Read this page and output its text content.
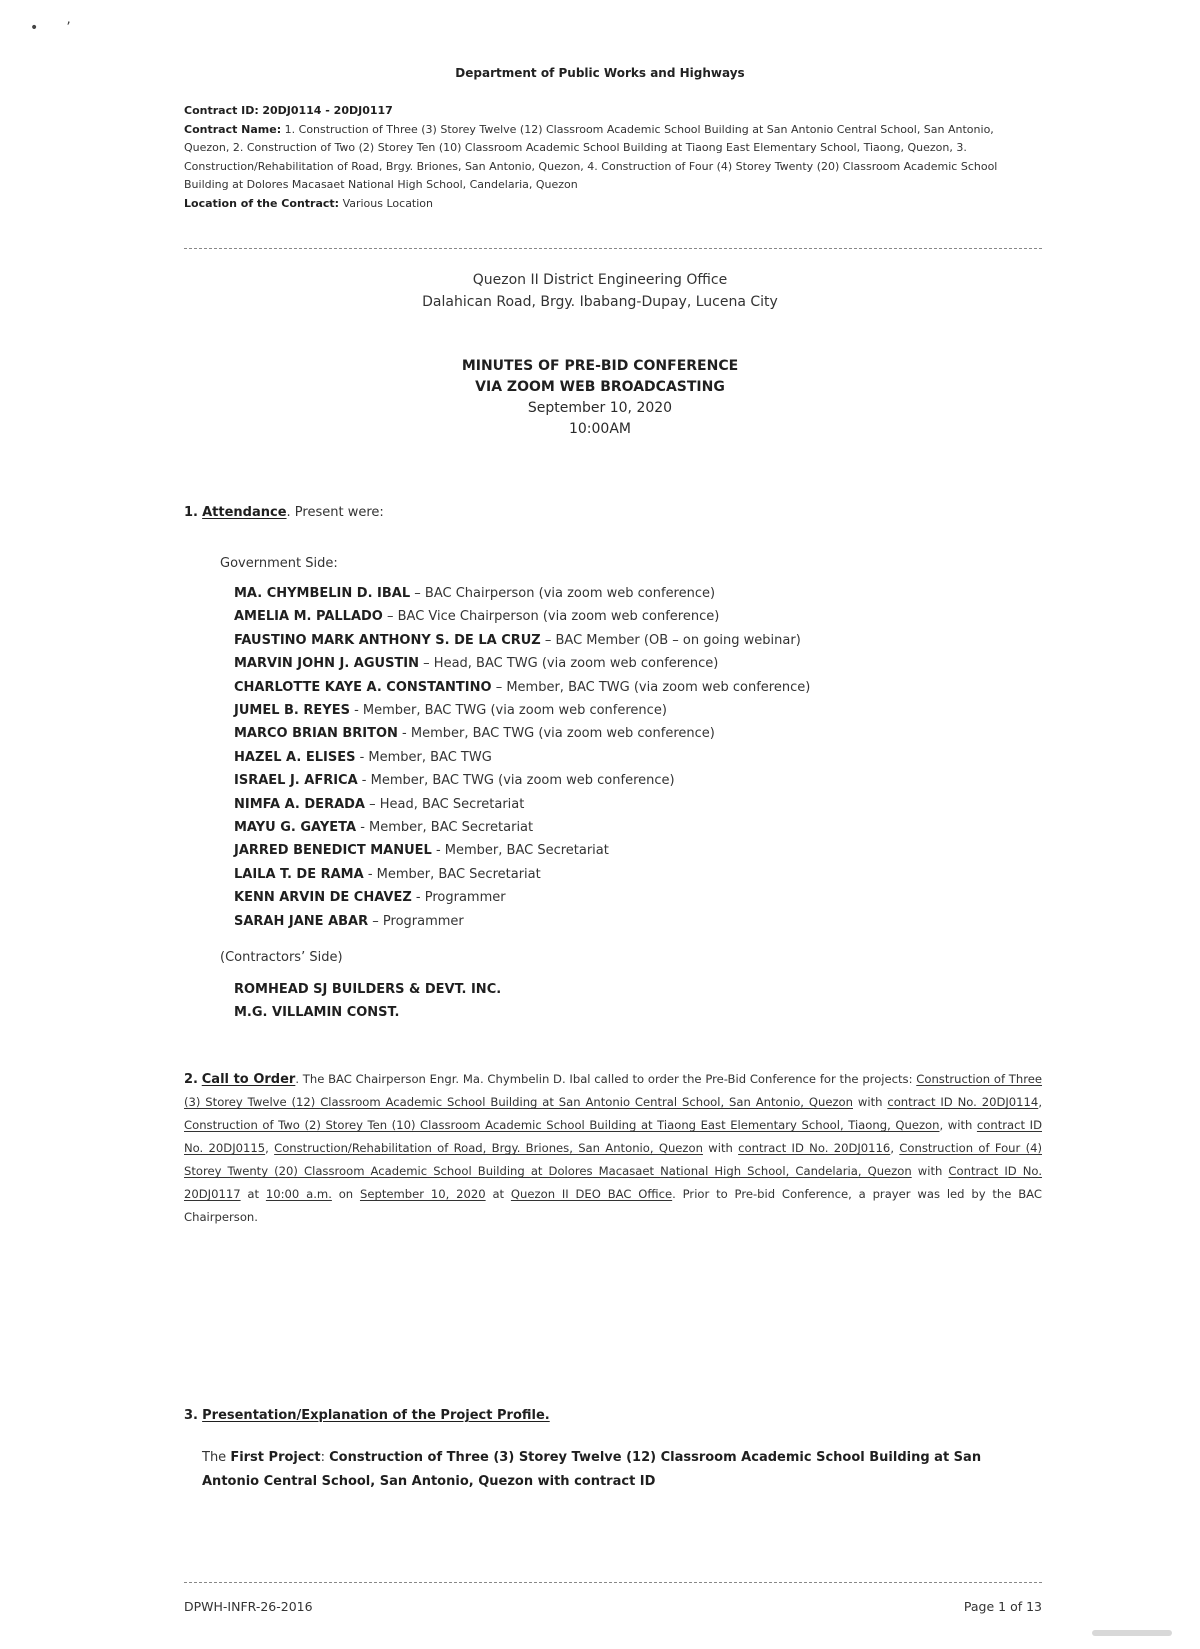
• ’
Department of Public Works and Highways
Contract ID: 20DJ0114 - 20DJ0117
Contract Name: 1. Construction of Three (3) Storey Twelve (12) Classroom Academic School Building at San Antonio Central School, San Antonio, Quezon, 2. Construction of Two (2) Storey Ten (10) Classroom Academic School Building at Tiaong East Elementary School, Tiaong, Quezon, 3. Construction/Rehabilitation of Road, Brgy. Briones, San Antonio, Quezon, 4. Construction of Four (4) Storey Twenty (20) Classroom Academic School Building at Dolores Macasaet National High School, Candelaria, Quezon
Location of the Contract: Various Location
Quezon II District Engineering Office
Dalahican Road, Brgy. Ibabang-Dupay, Lucena City
MINUTES OF PRE-BID CONFERENCE
VIA ZOOM WEB BROADCASTING
September 10, 2020
10:00AM
1. Attendance. Present were:
Government Side:
MA. CHYMBELIN D. IBAL – BAC Chairperson (via zoom web conference)
AMELIA M. PALLADO – BAC Vice Chairperson (via zoom web conference)
FAUSTINO MARK ANTHONY S. DE LA CRUZ – BAC Member (OB – on going webinar)
MARVIN JOHN J. AGUSTIN – Head, BAC TWG (via zoom web conference)
CHARLOTTE KAYE A. CONSTANTINO – Member, BAC TWG (via zoom web conference)
JUMEL B. REYES - Member, BAC TWG (via zoom web conference)
MARCO BRIAN BRITON - Member, BAC TWG (via zoom web conference)
HAZEL A. ELISES - Member, BAC TWG
ISRAEL J. AFRICA - Member, BAC TWG (via zoom web conference)
NIMFA A. DERADA – Head, BAC Secretariat
MAYU G. GAYETA - Member, BAC Secretariat
JARRED BENEDICT MANUEL - Member, BAC Secretariat
LAILA T. DE RAMA - Member, BAC Secretariat
KENN ARVIN DE CHAVEZ - Programmer
SARAH JANE ABAR – Programmer
(Contractors’ Side)
ROMHEAD SJ BUILDERS & DEVT. INC.
M.G. VILLAMIN CONST.
2. Call to Order. The BAC Chairperson Engr. Ma. Chymbelin D. Ibal called to order the Pre-Bid Conference for the projects: Construction of Three (3) Storey Twelve (12) Classroom Academic School Building at San Antonio Central School, San Antonio, Quezon with contract ID No. 20DJ0114, Construction of Two (2) Storey Ten (10) Classroom Academic School Building at Tiaong East Elementary School, Tiaong, Quezon, with contract ID No. 20DJ0115, Construction/Rehabilitation of Road, Brgy. Briones, San Antonio, Quezon with contract ID No. 20DJ0116, Construction of Four (4) Storey Twenty (20) Classroom Academic School Building at Dolores Macasaet National High School, Candelaria, Quezon with Contract ID No. 20DJ0117 at 10:00 a.m. on September 10, 2020 at Quezon II DEO BAC Office. Prior to Pre-bid Conference, a prayer was led by the BAC Chairperson.
3. Presentation/Explanation of the Project Profile.
The First Project: Construction of Three (3) Storey Twelve (12) Classroom Academic School Building at San Antonio Central School, San Antonio, Quezon with contract ID
DPWH-INFR-26-2016	Page 1 of 13
